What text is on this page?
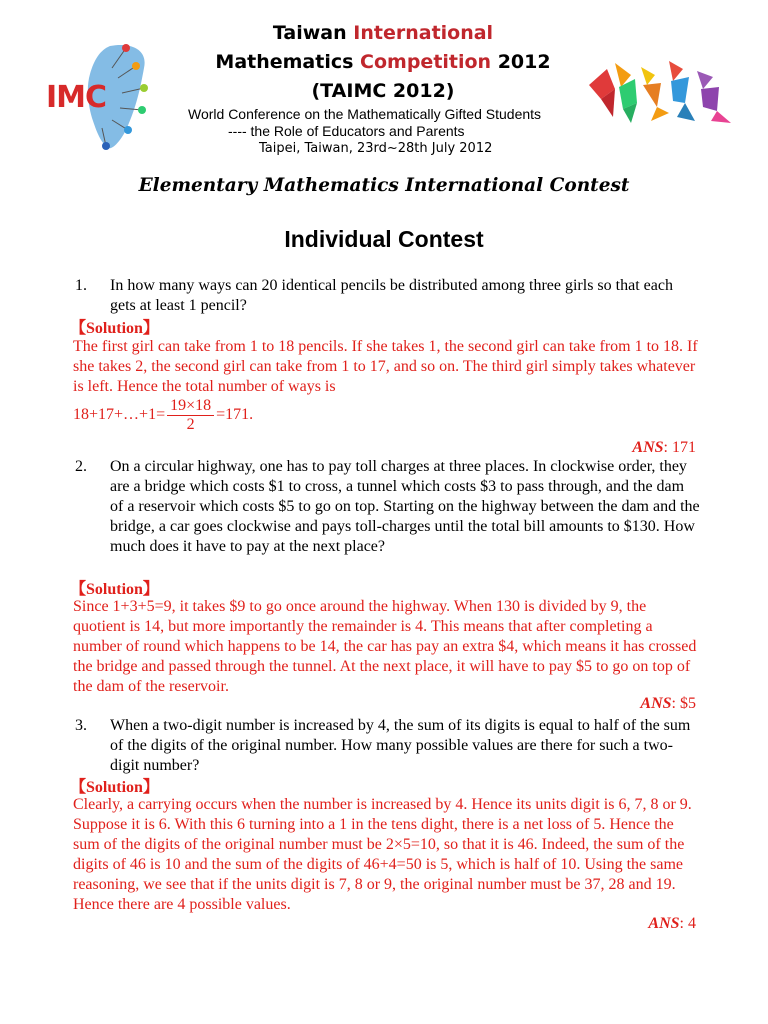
IMC
Taiwan International
Mathematics Competition 2012
(TAIMC 2012)
World Conference on the Mathematically Gifted Students
---- the Role of Educators and Parents
Taipei, Taiwan, 23rd~28th July 2012
Elementary Mathematics International Contest
Individual Contest
1. In how many ways can 20 identical pencils be distributed among three girls so that each gets at least 1 pencil?
【Solution】
The first girl can take from 1 to 18 pencils. If she takes 1, the second girl can take from 1 to 18. If she takes 2, the second girl can take from 1 to 17, and so on. The third girl simply takes whatever is left. Hence the total number of ways is
18+17+…+1= $\frac{19\times 18}{2} =171$.
ANS: 171
2. On a circular highway, one has to pay toll charges at three places. In clockwise order, they are a bridge which costs $1 to cross, a tunnel which costs $3 to pass through, and the dam of a reservoir which costs $5 to go on top. Starting on the highway between the dam and the bridge, a car goes clockwise and pays toll-charges until the total bill amounts to $130. How much does it have to pay at the next place?
【Solution】
Since 1+3+5=9, it takes $9 to go once around the highway. When 130 is divided by 9, the quotient is 14, but more importantly the remainder is 4. This means that after completing a number of round which happens to be 14, the car has pay an extra $4, which means it has crossed the bridge and passed through the tunnel. At the next place, it will have to pay $5 to go on top of the dam of the reservoir.
ANS: $5
3. When a two-digit number is increased by 4, the sum of its digits is equal to half of the sum of the digits of the original number. How many possible values are there for such a two-digit number?
【Solution】
Clearly, a carrying occurs when the number is increased by 4. Hence its units digit is 6, 7, 8 or 9. Suppose it is 6. With this 6 turning into a 1 in the tens dight, there is a net loss of 5. Hence the sum of the digits of the original number must be 2×5=10, so that it is 46. Indeed, the sum of the digits of 46 is 10 and the sum of the digits of 46+4=50 is 5, which is half of 10. Using the same reasoning, we see that if the units digit is 7, 8 or 9, the original number must be 37, 28 and 19. Hence there are 4 possible values.
ANS: 4
